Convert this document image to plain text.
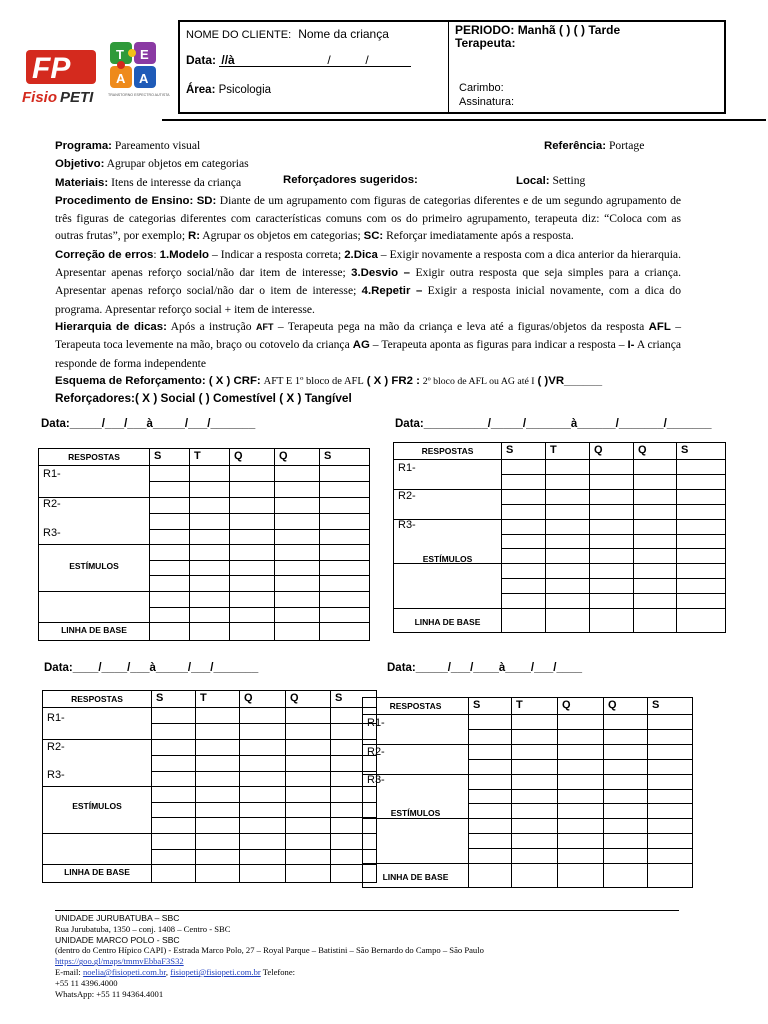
FP
Fisio PETI
T E
A A
TRANSTORNO ESPECTRO AUTISTA
NOME DO CLIENTE: Nome da criança
Data: //à	/	/
Área: Psicologia
PERIODO: Manhã ( ) ( ) Tarde
Terapeuta:
Carimbo:
Assinatura:
Referência: Portage
Reforçadores sugeridos:	Local: Setting

Programa: Pareamento visual

Objetivo: Agrupar objetos em categorias

Materiais: Itens de interesse da criança

Procedimento de Ensino: SD: Diante de um agrupamento com figuras de categorias diferentes e de um segundo agrupamento de três figuras de categorias diferentes com características comuns com os do primeiro agrupamento, terapeuta diz: “Coloca com as outras frutas”, por exemplo; R: Agrupar os objetos em categorias; SC: Reforçar imediatamente após a resposta.

Correção de erros: 1.Modelo – Indicar a resposta correta; 2.Dica – Exigir novamente a resposta com a dica anterior da hierarquia. Apresentar apenas reforço social/não dar item de interesse; 3.Desvio – Exigir outra resposta que seja simples para a criança. Apresentar apenas reforço social/não dar o item de interesse; 4.Repetir – Exigir a resposta inicial novamente, com a dica do programa. Apresentar reforço social + item de interesse.

Hierarquia de dicas: Após a instrução AFT – Terapeuta pega na mão da criança e leva até a figuras/objetos da resposta AFL – Terapeuta toca levemente na mão, braço ou cotovelo da criança AG – Terapeuta aponta as figuras para indicar a resposta – I- A criança responde de forma independente

Esquema de Reforçamento: ( X ) CRF: AFT E 1º bloco de AFL ( X ) FR2 : 2º bloco de AFL ou AG até I ( )VR______

Reforçadores:( X ) Social ( ) Comestível ( X ) Tangível

Data:_____/___/___à_____/___/_______	Data:__________/_____/_______à______/_______/_______
Data:____/____/___à_____/___/_______	Data:_____/___/____à____/___/____
RESPOSTAS	S	T	Q	Q	S
R1-
R2-
R3-
ESTÍMULOS
LINHA DE BASE
RESPOSTAS	S	T	Q	Q	S
R1-
R2-
R3-
ESTÍMULOS
LINHA DE BASE
RESPOSTAS	S	T	Q	Q	S
R1-
R2-
R3-
ESTÍMULOS
LINHA DE BASE
RESPOSTAS	S	T	Q	Q	S
R1-
R2-
R3-
ESTÍMULOS
LINHA DE BASE
UNIDADE JURUBATUBA – SBC
Rua Jurubatuba, 1350 – conj. 1408 – Centro - SBC
UNIDADE MARCO POLO - SBC
(dentro do Centro Hípico CAPI) - Estrada Marco Polo, 27 – Royal Parque – Batistini – São Bernardo do Campo – São Paulo
https://goo.gl/maps/tmmvEbbaF3S32
E-mail: noelia@fisiopeti.com.br, fisiopeti@fisiopeti.com.br Telefone:
+55 11 4396.4000
WhatsApp: +55 11 94364.4001
